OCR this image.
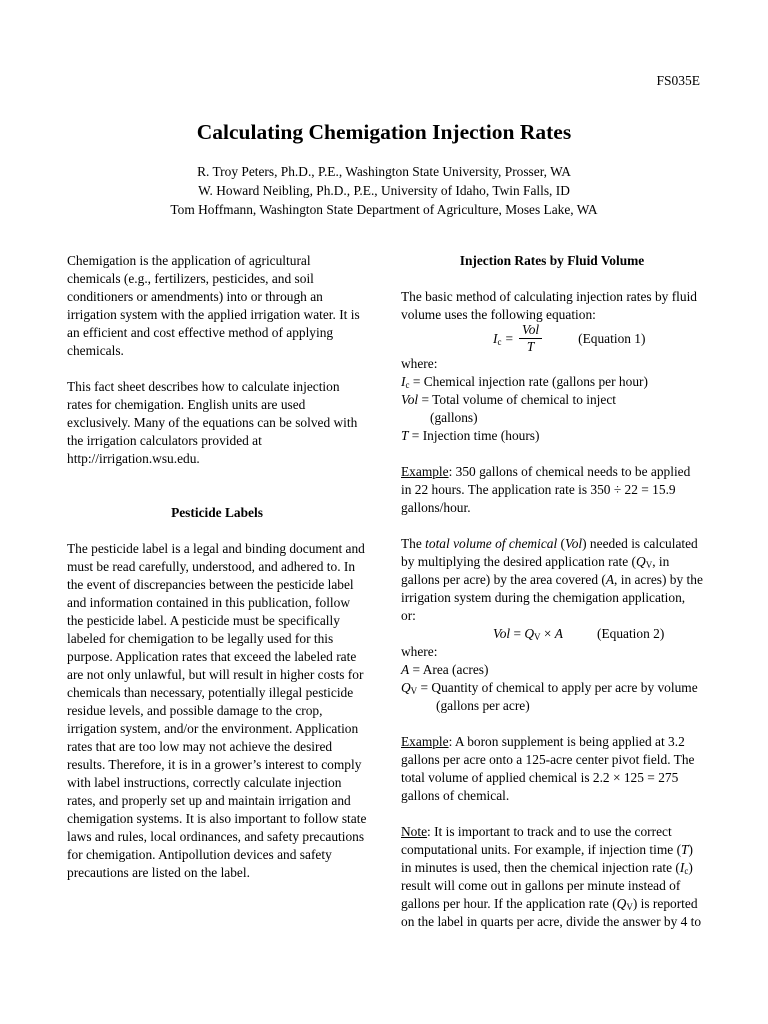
FS035E
Calculating Chemigation Injection Rates
R. Troy Peters, Ph.D., P.E., Washington State University, Prosser, WA
W. Howard Neibling, Ph.D., P.E., University of Idaho, Twin Falls, ID
Tom Hoffmann, Washington State Department of Agriculture, Moses Lake, WA

Chemigation is the application of agricultural chemicals (e.g., fertilizers, pesticides, and soil conditioners or amendments) into or through an irrigation system with the applied irrigation water. It is an efficient and cost effective method of applying chemicals.

This fact sheet describes how to calculate injection rates for chemigation. English units are used exclusively. Many of the equations can be solved with the irrigation calculators provided at http://irrigation.wsu.edu.

Pesticide Labels

The pesticide label is a legal and binding document and must be read carefully, understood, and adhered to. In the event of discrepancies between the pesticide label and information contained in this publication, follow the pesticide label. A pesticide must be specifically labeled for chemigation to be legally used for this purpose. Application rates that exceed the labeled rate are not only unlawful, but will result in higher costs for chemicals than necessary, potentially illegal pesticide residue levels, and possible damage to the crop, irrigation system, and/or the environment. Application rates that are too low may not achieve the desired results. Therefore, it is in a grower’s interest to comply with label instructions, correctly calculate injection rates, and properly set up and maintain irrigation and chemigation systems. It is also important to follow state laws and rules, local ordinances, and safety precautions for chemigation. Antipollution devices and safety precautions are listed on the label.

Injection Rates by Fluid Volume

The basic method of calculating injection rates by fluid volume uses the following equation:

$I_c = \frac{\text{Vol}}{T}$	(Equation 1)

where:

$I_c$ = Chemical injection rate (gallons per hour)

Vol = Total volume of chemical to inject

(gallons)

T = Injection time (hours)

Example: 350 gallons of chemical needs to be applied in 22 hours. The application rate is 350 ÷ 22 = 15.9 gallons/hour.

The total volume of chemical (Vol) needed is calculated by multiplying the desired application rate ($Q_V$, in gallons per acre) by the area covered (A, in acres) by the irrigation system during the chemigation application, or:

Vol = $Q_V \times A$	(Equation 2)

where:

A = Area (acres)

$Q_V$ = Quantity of chemical to apply per acre by volume (gallons per acre)

Example: A boron supplement is being applied at 3.2 gallons per acre onto a 125-acre center pivot field. The total volume of applied chemical is 2.2 × 125 = 275 gallons of chemical.

Note: It is important to track and to use the correct computational units. For example, if injection time (T) in minutes is used, then the chemical injection rate $(I_c)$ result will come out in gallons per minute instead of gallons per hour. If the application rate $(Q_V)$ is reported on the label in quarts per acre, divide the answer by 4 to
